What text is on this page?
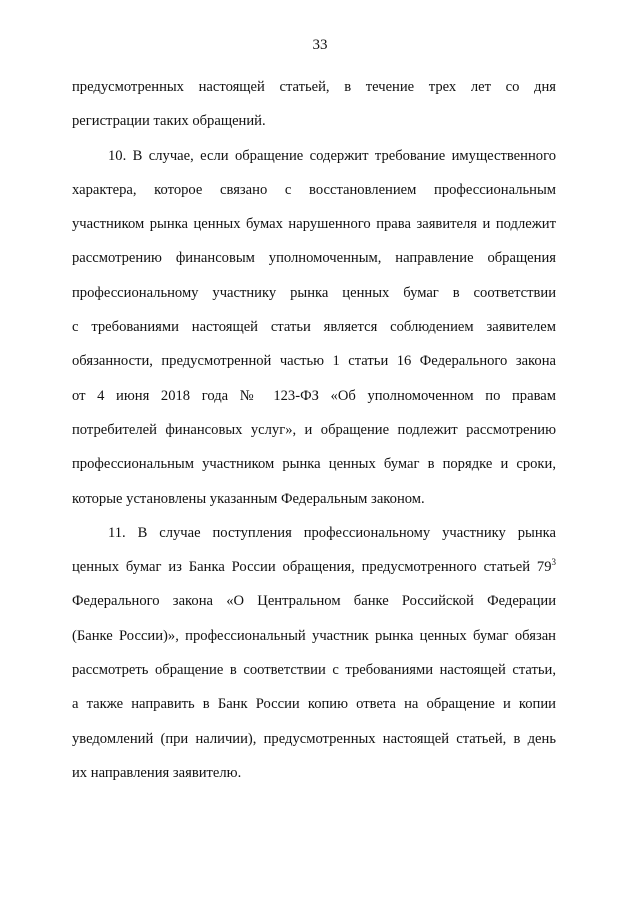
33
предусмотренных настоящей статьей, в течение трех лет со дня
регистрации таких обращений.
10. В случае, если обращение содержит требование имущественного
характера, которое связано с восстановлением профессиональным
участником рынка ценных бумах нарушенного права заявителя и подлежит
рассмотрению финансовым уполномоченным, направление обращения
профессиональному участнику рынка ценных бумаг в соответствии
с требованиями настоящей статьи является соблюдением заявителем
обязанности, предусмотренной частью 1 статьи 16 Федерального закона
от 4 июня 2018 года № 123-ФЗ «Об уполномоченном по правам
потребителей финансовых услуг», и обращение подлежит рассмотрению
профессиональным участником рынка ценных бумаг в порядке и сроки,
которые установлены указанным Федеральным законом.
11. В случае поступления профессиональному участнику рынка
ценных бумаг из Банка России обращения, предусмотренного статьей $79^3$
Федерального закона «О Центральном банке Российской Федерации
(Банке России)», профессиональный участник рынка ценных бумаг обязан
рассмотреть обращение в соответствии с требованиями настоящей статьи,
а также направить в Банк России копию ответа на обращение и копии
уведомлений (при наличии), предусмотренных настоящей статьей, в день
их направления заявителю.
